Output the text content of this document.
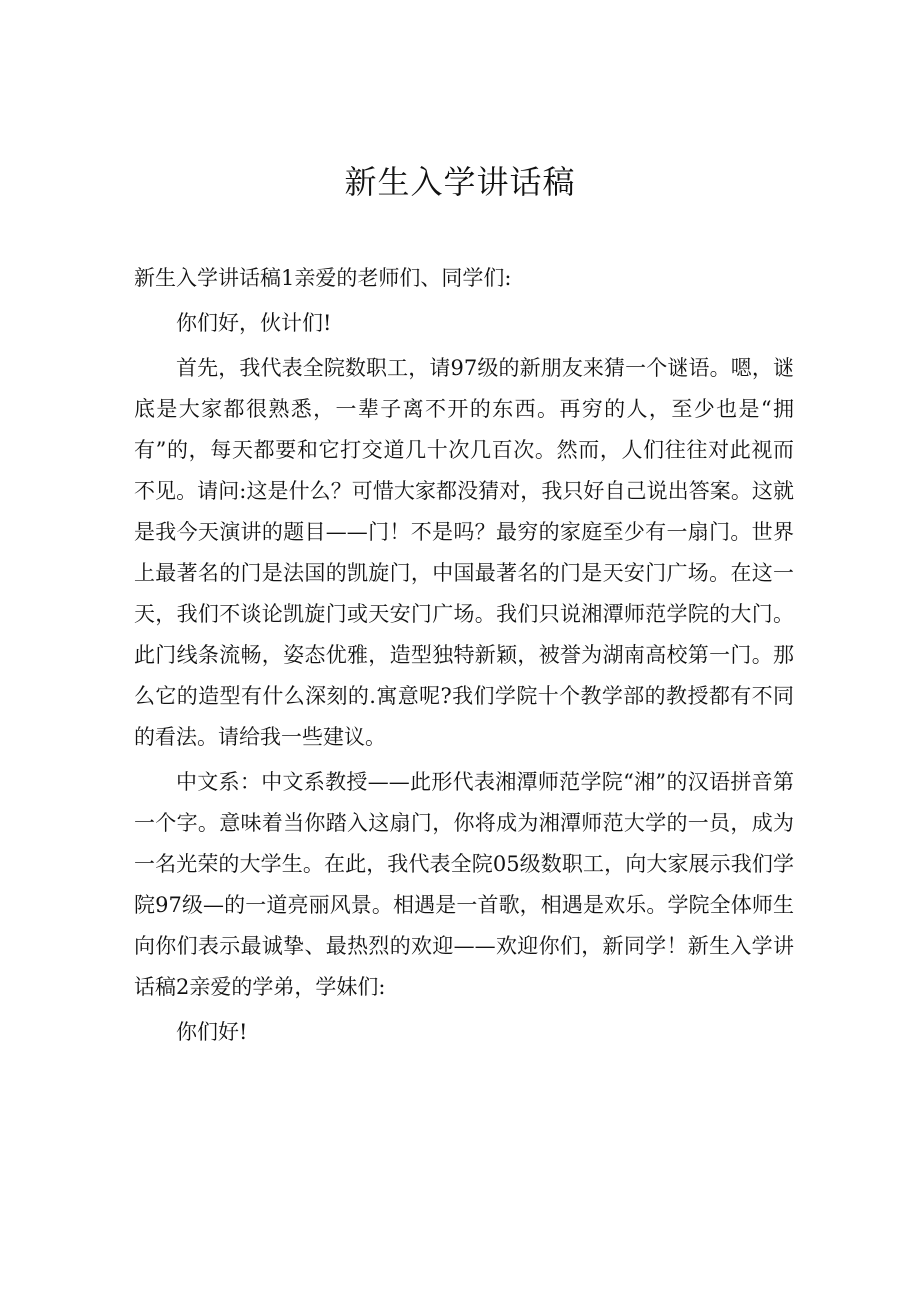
新生入学讲话稿

新生入学讲话稿1亲爱的老师们、同学们:

你们好，伙计们!

首先，我代表全院数职工，请97级的新朋友来猜一个谜语。嗯，谜底是大家都很熟悉，一辈子离不开的东西。再穷的人，至少也是“拥有”的，每天都要和它打交道几十次几百次。然而，人们往往对此视而不见。请问:这是什么？可惜大家都没猜对，我只好自己说出答案。这就是我今天演讲的题目——门！不是吗？最穷的家庭至少有一扇门。世界上最著名的门是法国的凯旋门，中国最著名的门是天安门广场。在这一天，我们不谈论凯旋门或天安门广场。我们只说湘潭师范学院的大门。此门线条流畅，姿态优雅，造型独特新颖，被誉为湖南高校第一门。那么它的造型有什么深刻的.寓意呢?我们学院十个教学部的教授都有不同的看法。请给我一些建议。

中文系：中文系教授——此形代表湘潭师范学院“湘”的汉语拼音第一个字。意味着当你踏入这扇门，你将成为湘潭师范大学的一员，成为一名光荣的大学生。在此，我代表全院05级数职工，向大家展示我们学院97级—的一道亮丽风景。相遇是一首歌，相遇是欢乐。学院全体师生向你们表示最诚挚、最热烈的欢迎——欢迎你们，新同学！新生入学讲话稿2亲爱的学弟，学妹们:

你们好!
